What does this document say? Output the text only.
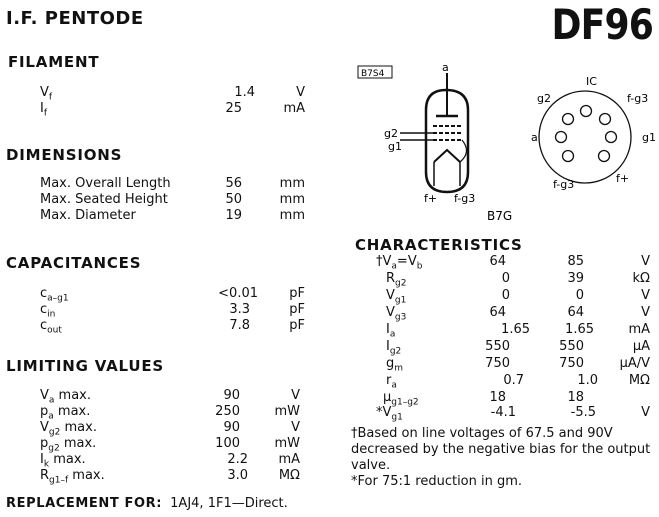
I.F. PENTODE	DF96
FILAMENT
$V_f$	1.4	V
$I_f$	25	mA
DIMENSIONS
Max. Overall Length	56	mm
Max. Seated Height	50	mm
Max. Diameter	19	mm
CAPACITANCES
$c_{a-g1}$	<0.01	pF
$c_{in}$	3.3	pF
$c_{out}$	7.8	pF
LIMITING VALUES
$V_a$ max.	90	V
$p_a$ max.	250	mW
$V_{g2}$ max.	90	V
$p_{g2}$ max.	100	mW
$I_k$ max.	2.2	mA
$R_{g1-f}$ max.	3.0	MΩ
REPLACEMENT FOR: 1AJ4, 1F1—Direct.
B7S4	a
g2
g1
f+ f-g3
B7G
IC
g2	f-g3
a	g1
f-g3	f+
CHARACTERISTICS
$\dagger V_a=V_b$	64	85	V
$R_{g2}$	0	39	kΩ
$V_{g1}$	0	0	V
$V_{g3}$	64	64	V
$I_a$	1.65	1.65	mA
$I_{g2}$	550	550	µA
$g_m$	750	750	µA/V
$r_a$	0.7	1.0	MΩ
µ$_{g1-g2}$	18	18
$*V_{g1}$	-4.1	-5.5	V
†Based on line voltages of 67.5 and 90V decreased by the negative bias for the output valve.
*For 75:1 reduction in gm.
